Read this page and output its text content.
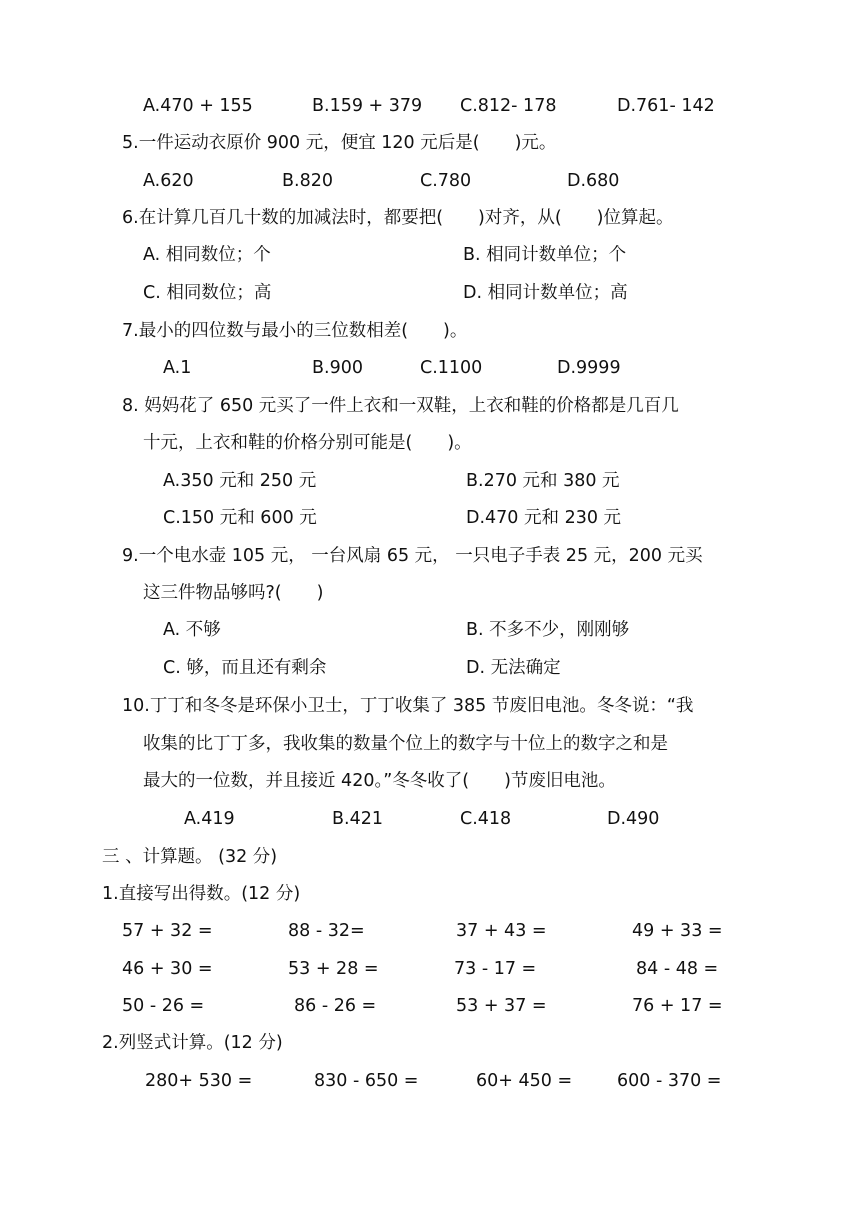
A.470 + 155	B.159 + 379 C.812- 178	D.761- 142
5.一件运动衣原价 900 元，便宜 120 元后是(　　)元。
A.620	B.820	C.780	D.680
6.在计算几百几十数的加减法时，都要把(　　)对齐，从(　　)位算起。
A. 相同数位；个	B. 相同计数单位；个
C. 相同数位；高	D. 相同计数单位；高
7.最小的四位数与最小的三位数相差(　　)。
A.1	B.900	C.1100	D.9999
8. 妈妈花了 650 元买了一件上衣和一双鞋，上衣和鞋的价格都是几百几
十元，上衣和鞋的价格分别可能是(　　)。
A.350 元和 250 元	B.270 元和 380 元
C.150 元和 600 元	D.470 元和 230 元
9.一个电水壶 105 元， 一台风扇 65 元， 一只电子手表 25 元，200 元买
这三件物品够吗?(　　)
A. 不够	B. 不多不少，刚刚够
C. 够，而且还有剩余	D. 无法确定
10.丁丁和冬冬是环保小卫士，丁丁收集了 385 节废旧电池。冬冬说：“我
收集的比丁丁多，我收集的数量个位上的数字与十位上的数字之和是
最大的一位数，并且接近 420。”冬冬收了(　　)节废旧电池。
A.419	B.421	C.418	D.490
三 、计算题。 (32 分)
1.直接写出得数。(12 分)
57 + 32 =	88 - 32=	37 + 43 =	49 + 33 =
46 + 30 =	53 + 28 =	73 - 17 =	84 - 48 =
50 - 26 =	86 - 26 =	53 + 37 =	76 + 17 =
2.列竖式计算。(12 分)
280+ 530 =	830 - 650 =	60+ 450 =	600 - 370 =
